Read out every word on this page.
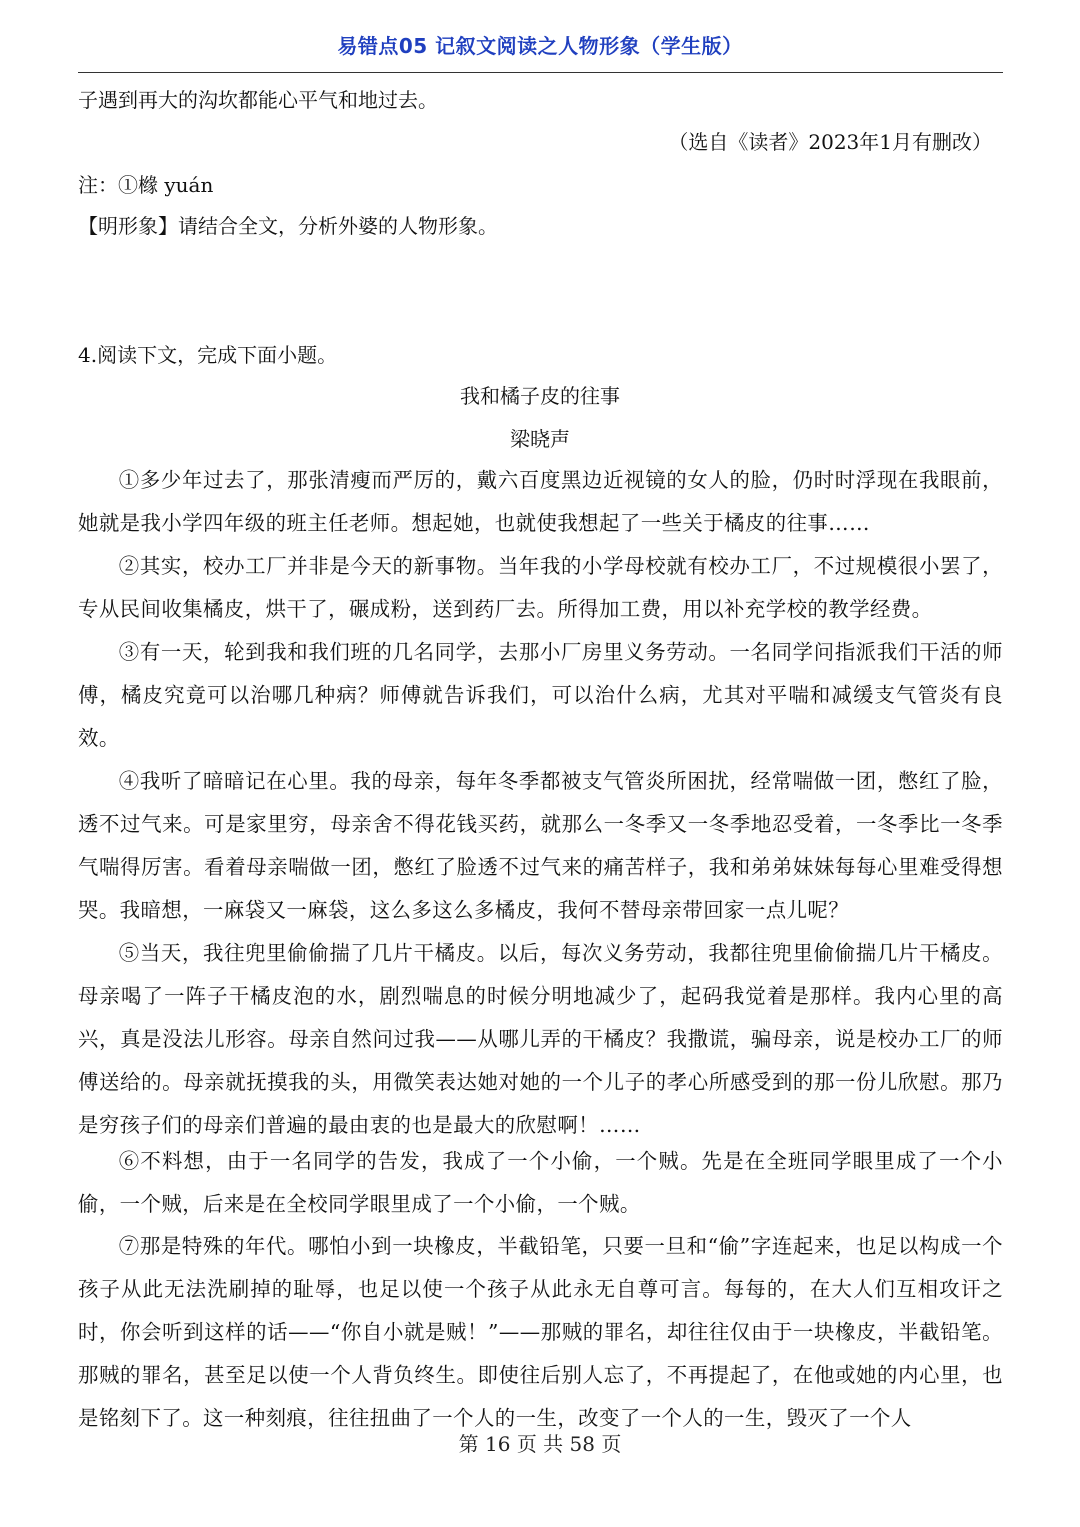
易错点05 记叙文阅读之人物形象（学生版）
子遇到再大的沟坎都能心平气和地过去。
（选自《读者》2023年1月有删改）
注：①橼 yuán
【明形象】请结合全文，分析外婆的人物形象。
4.阅读下文，完成下面小题。
我和橘子皮的往事
梁晓声

①多少年过去了，那张清瘦而严厉的，戴六百度黑边近视镜的女人的脸，仍时时浮现在我眼前，她就是我小学四年级的班主任老师。想起她，也就使我想起了一些关于橘皮的往事……

②其实，校办工厂并非是今天的新事物。当年我的小学母校就有校办工厂，不过规模很小罢了，专从民间收集橘皮，烘干了，碾成粉，送到药厂去。所得加工费，用以补充学校的教学经费。

③有一天，轮到我和我们班的几名同学，去那小厂房里义务劳动。一名同学问指派我们干活的师傅，橘皮究竟可以治哪几种病？师傅就告诉我们，可以治什么病，尤其对平喘和减缓支气管炎有良效。

④我听了暗暗记在心里。我的母亲，每年冬季都被支气管炎所困扰，经常喘做一团，憋红了脸，透不过气来。可是家里穷，母亲舍不得花钱买药，就那么一冬季又一冬季地忍受着，一冬季比一冬季气喘得厉害。看着母亲喘做一团，憋红了脸透不过气来的痛苦样子，我和弟弟妹妹每每心里难受得想哭。我暗想，一麻袋又一麻袋，这么多这么多橘皮，我何不替母亲带回家一点儿呢？

⑤当天，我往兜里偷偷揣了几片干橘皮。以后，每次义务劳动，我都往兜里偷偷揣几片干橘皮。母亲喝了一阵子干橘皮泡的水，剧烈喘息的时候分明地减少了，起码我觉着是那样。我内心里的高兴，真是没法儿形容。母亲自然问过我——从哪儿弄的干橘皮？我撒谎，骗母亲，说是校办工厂的师傅送给的。母亲就抚摸我的头，用微笑表达她对她的一个儿子的孝心所感受到的那一份儿欣慰。那乃是穷孩子们的母亲们普遍的最由衷的也是最大的欣慰啊！……

⑥不料想，由于一名同学的告发，我成了一个小偷，一个贼。先是在全班同学眼里成了一个小偷，一个贼，后来是在全校同学眼里成了一个小偷，一个贼。

⑦那是特殊的年代。哪怕小到一块橡皮，半截铅笔，只要一旦和“偷”字连起来，也足以构成一个孩子从此无法洗刷掉的耻辱，也足以使一个孩子从此永无自尊可言。每每的，在大人们互相攻讦之时，你会听到这样的话——“你自小就是贼！”——那贼的罪名，却往往仅由于一块橡皮，半截铅笔。那贼的罪名，甚至足以使一个人背负终生。即使往后别人忘了，不再提起了，在他或她的内心里，也是铭刻下了。这一种刻痕，往往扭曲了一个人的一生，改变了一个人的一生，毁灭了一个人

第 16 页 共 58 页
